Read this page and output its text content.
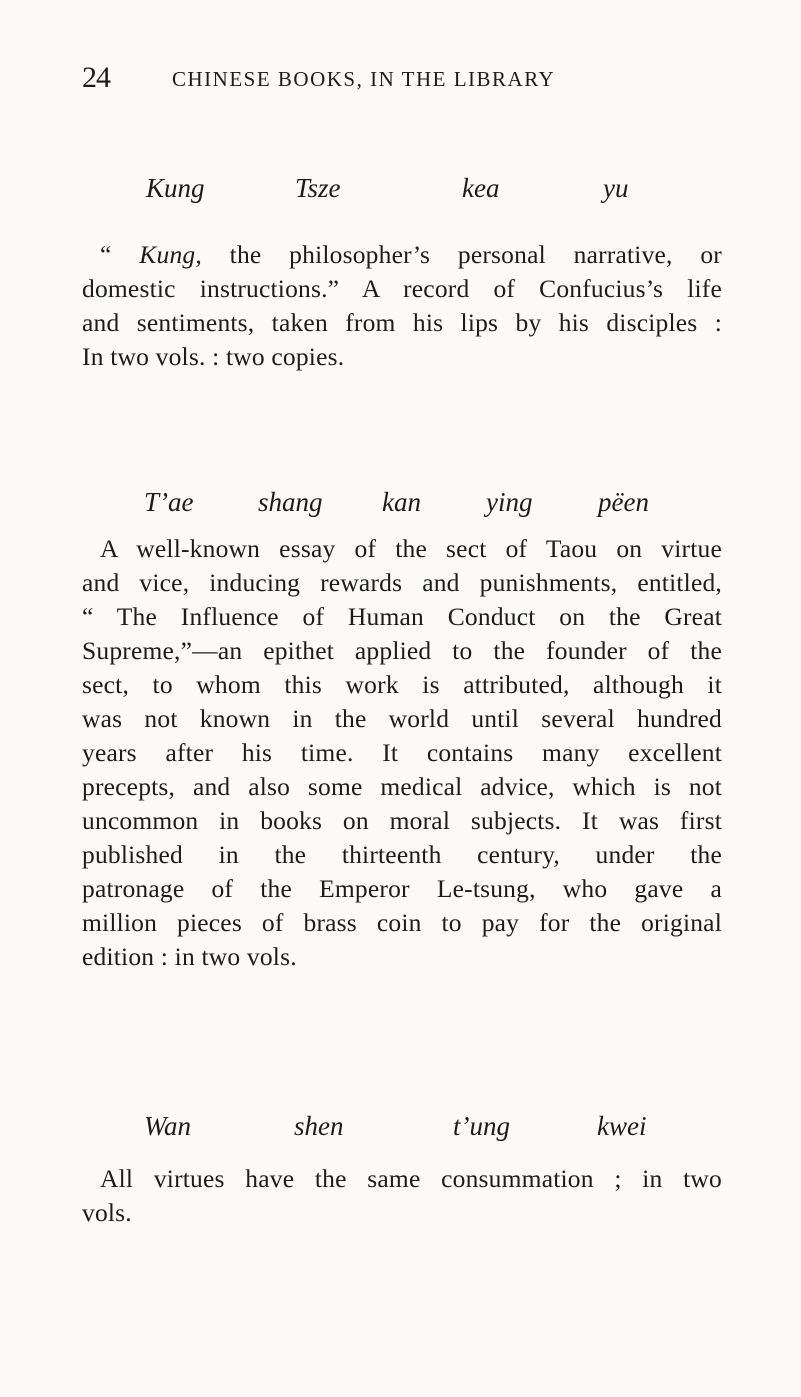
24	CHINESE BOOKS, IN THE LIBRARY
Kung	Tsze	kea	yu
“ Kung, the philosopher’s personal narrative, or
domestic instructions.” A record of Confucius’s life
and sentiments, taken from his lips by his disciples :
In two vols. : two copies.
T’ae shang kan ying pëen
A well-known essay of the sect of Taou on virtue
and vice, inducing rewards and punishments, entitled,
“ The Influence of Human Conduct on the Great
Supreme,”—an epithet applied to the founder of the
sect, to whom this work is attributed, although it
was not known in the world until several hundred
years after his time. It contains many excellent
precepts, and also some medical advice, which is not
uncommon in books on moral subjects. It was first
published in the thirteenth century, under the
patronage of the Emperor Le-tsung, who gave a
million pieces of brass coin to pay for the original
edition : in two vols.
Wan	shen	t’ung	kwei
All virtues have the same consummation ; in two
vols.
